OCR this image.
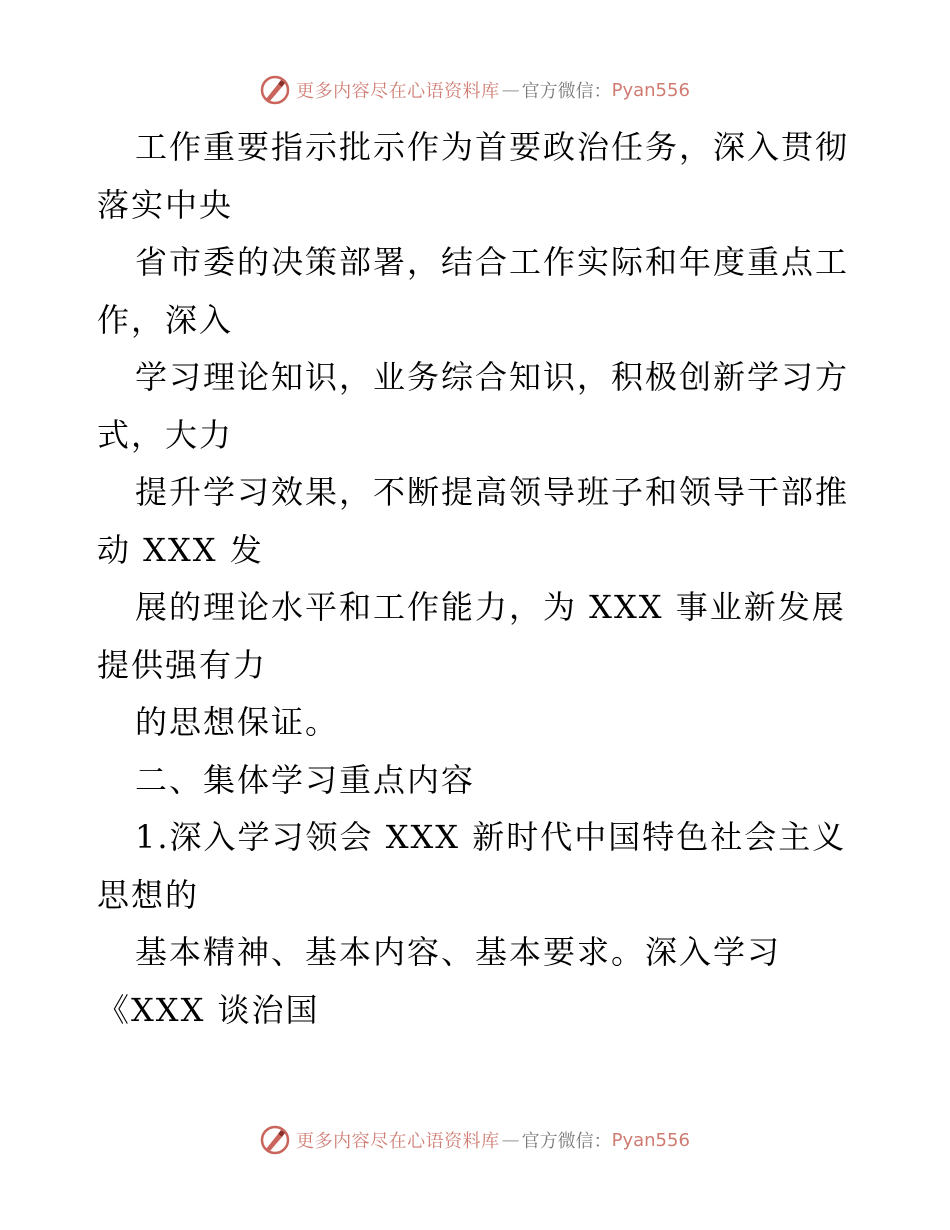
更多内容尽在心语资料库 — 官方微信： Pyan556
工作重要指示批示作为首要政治任务，深入贯彻
落实中央
省市委的决策部署，结合工作实际和年度重点工
作，深入
学习理论知识，业务综合知识，积极创新学习方
式，大力
提升学习效果，不断提高领导班子和领导干部推
动 XXX 发
展的理论水平和工作能力，为 XXX 事业新发展
提供强有力
的思想保证。
二、集体学习重点内容
1.深入学习领会 XXX 新时代中国特色社会主义
思想的
基本精神、基本内容、基本要求。深入学习
《XXX 谈治国
更多内容尽在心语资料库 — 官方微信： Pyan556
